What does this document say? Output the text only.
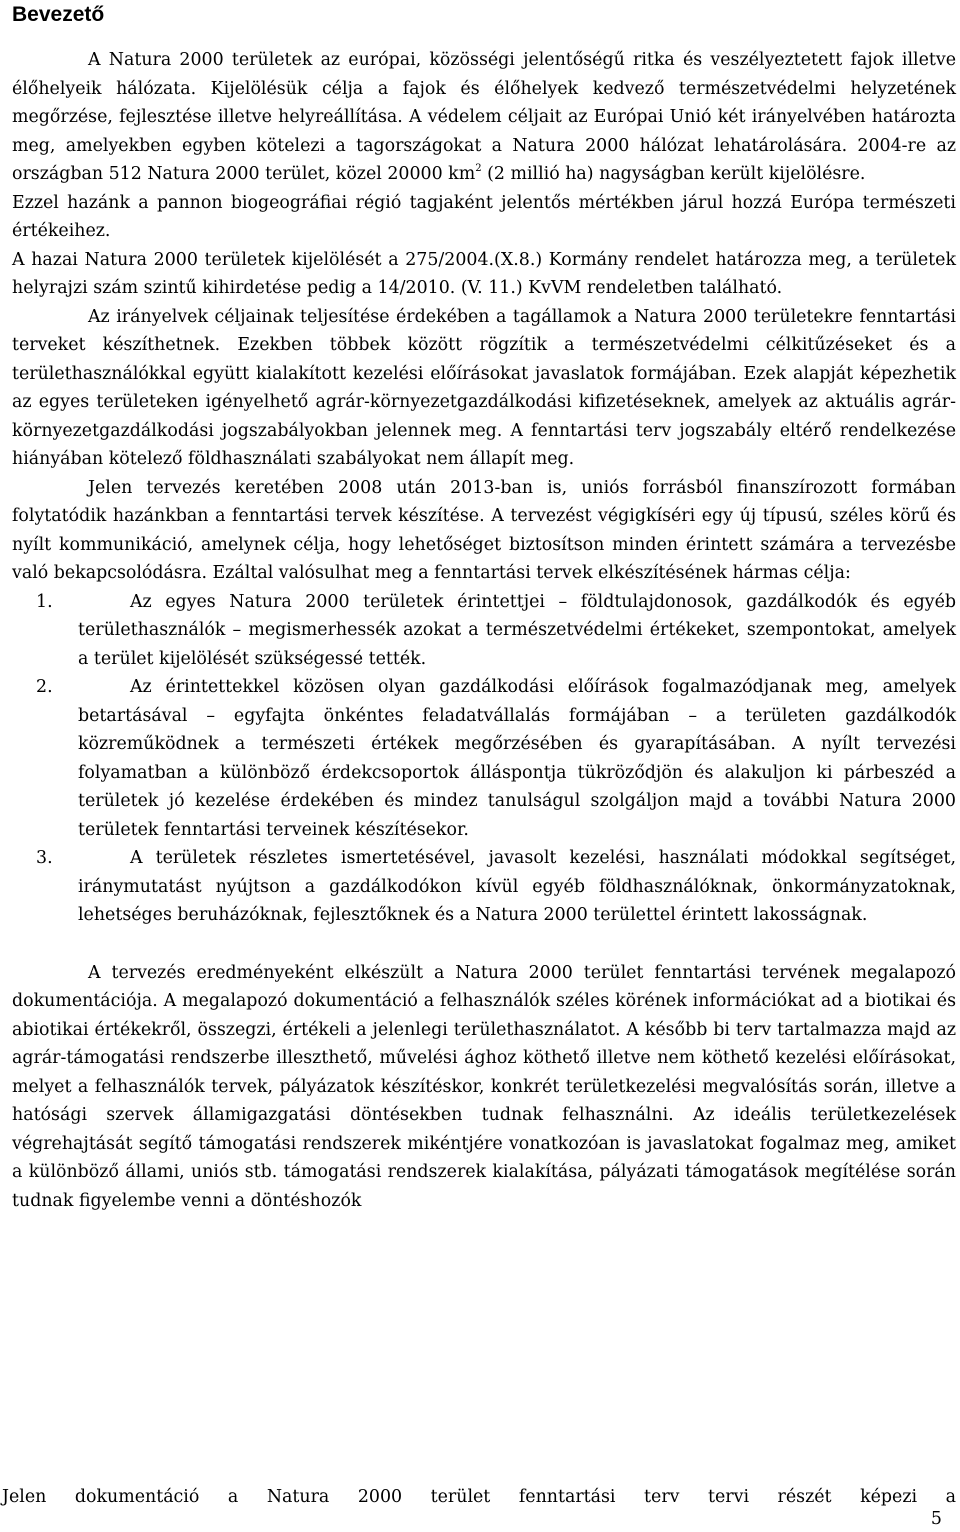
Bevezető

A Natura 2000 területek az európai, közösségi jelentőségű ritka és veszélyeztetett fajok illetve élőhelyeik hálózata. Kijelölésük célja a fajok és élőhelyek kedvező természetvédelmi helyzetének megőrzése, fejlesztése illetve helyreállítása. A védelem céljait az Európai Unió két irányelvében határozta meg, amelyekben egyben kötelezi a tagországokat a Natura 2000 hálózat lehatárolására. 2004-re az országban 512 Natura 2000 terület, közel 20000 $km^2$ (2 millió ha) nagyságban került kijelölésre.

Ezzel hazánk a pannon biogeográfiai régió tagjaként jelentős mértékben járul hozzá Európa természeti értékeihez.

A hazai Natura 2000 területek kijelölését a 275/2004.(X.8.) Kormány rendelet határozza meg, a területek helyrajzi szám szintű kihirdetése pedig a 14/2010. (V. 11.) KvVM rendeletben található.

Az irányelvek céljainak teljesítése érdekében a tagállamok a Natura 2000 területekre fenntartási terveket készíthetnek. Ezekben többek között rögzítik a természetvédelmi célkitűzéseket és a területhasználókkal együtt kialakított kezelési előírásokat javaslatok formájában. Ezek alapját képezhetik az egyes területeken igényelhető agrár-környezetgazdálkodási kifizetéseknek, amelyek az aktuális agrár-környezetgazdálkodási jogszabályokban jelennek meg. A fenntartási terv jogszabály eltérő rendelkezése hiányában kötelező földhasználati szabályokat nem állapít meg.

Jelen tervezés keretében 2008 után 2013-ban is, uniós forrásból finanszírozott formában folytatódik hazánkban a fenntartási tervek készítése. A tervezést végigkíséri egy új típusú, széles körű és nyílt kommunikáció, amelynek célja, hogy lehetőséget biztosítson minden érintett számára a tervezésbe való bekapcsolódásra. Ezáltal valósulhat meg a fenntartási tervek elkészítésének hármas célja:

1.	Az egyes Natura 2000 területek érintettjei – földtulajdonosok, gazdálkodók és egyéb területhasználók – megismerhessék azokat a természetvédelmi értékeket, szempontokat, amelyek a terület kijelölését szükségessé tették.
2.	Az érintettekkel közösen olyan gazdálkodási előírások fogalmazódjanak meg, amelyek betartásával – egyfajta önkéntes feladatvállalás formájában – a területen gazdálkodók közreműködnek a természeti értékek megőrzésében és gyarapításában. A nyílt tervezési folyamatban a különböző érdekcsoportok álláspontja tükröződjön és alakuljon ki párbeszéd a területek jó kezelése érdekében és mindez tanulságul szolgáljon majd a további Natura 2000 területek fenntartási terveinek készítésekor.
3.	A területek részletes ismertetésével, javasolt kezelési, használati módokkal segítséget, iránymutatást nyújtson a gazdálkodókon kívül egyéb földhasználóknak, önkormányzatoknak, lehetséges beruházóknak, fejlesztőknek és a Natura 2000 területtel érintett lakosságnak.

A tervezés eredményeként elkészült a Natura 2000 terület fenntartási tervének megalapozó dokumentációja. A megalapozó dokumentáció a felhasználók széles körének információkat ad a biotikai és abiotikai értékekről, összegzi, értékeli a jelenlegi területhasználatot. A később bi terv tartalmazza majd az agrár-támogatási rendszerbe illeszthető, művelési ághoz köthető illetve nem köthető kezelési előírásokat, melyet a felhasználók tervek, pályázatok készítéskor, konkrét területkezelési megvalósítás során, illetve a hatósági szervek államigazgatási döntésekben tudnak felhasználni. Az ideális területkezelések végrehajtását segítő támogatási rendszerek mikéntjére vonatkozóan is javaslatokat fogalmaz meg, amiket a különböző állami, uniós stb. támogatási rendszerek kialakítása, pályázati támogatások megítélése során tudnak figyelembe venni a döntéshozók

Jelen dokumentáció a Natura 2000 terület fenntartási terv tervi részét képezi a
5
